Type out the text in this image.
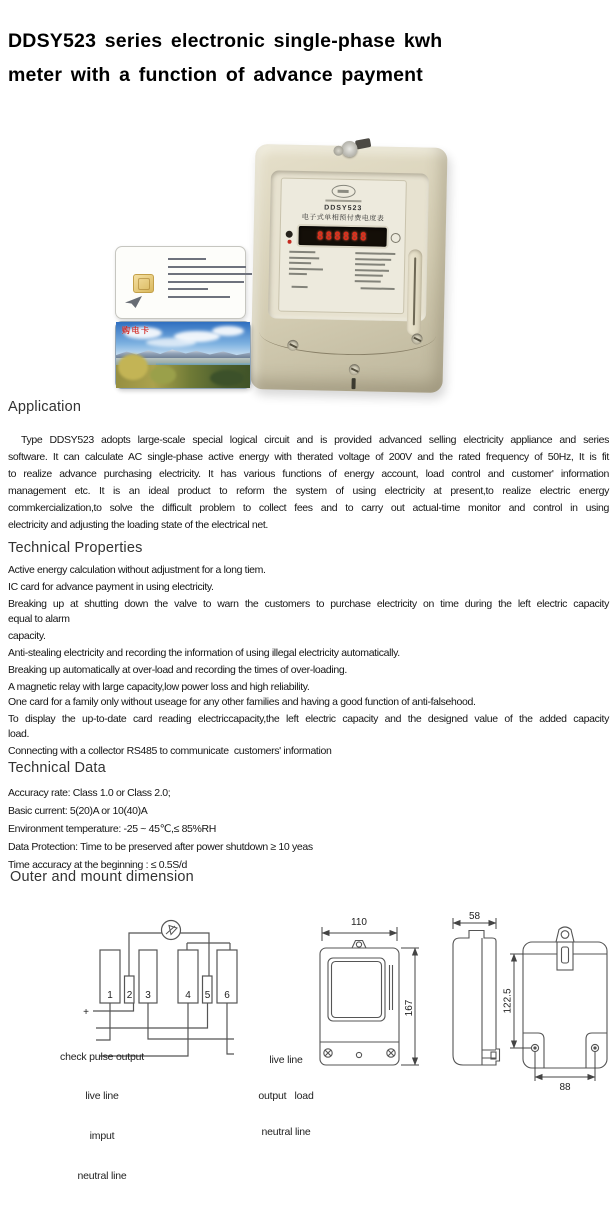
DDSY523 series electronic single-phase kwh
meter with a function of advance payment
DDSY523
电子式单相预付费电度表
888888
购电卡
Application
Type DDSY523 adopts large-scale special logical circuit and is provided advanced selling electricity appliance and series
software. It can calculate AC single-phase active energy with therated voltage of 200V and the rated frequency of 50Hz, It is fit
to realize advance purchasing electricity. It has various functions of energy account, load control and customer' information
management etc. It is an ideal product to reform the system of using electricity at present,to realize electric energy
commkercialization,to solve the difficult problem to collect fees and to carry out actual-time monitor and control in using
electricity and adjusting the loading state of the electrical net.
Technical Properties
Active energy calculation without adjustment for a long tiem.
IC card for advance payment in using electricity.
Breaking up at shutting down the valve to warn the customers to purchase electricity on time during the left electric capacity
equal to alarm
capacity.
Anti-stealing electricity and recording the information of using illegal electricity automatically.
Breaking up automatically at over-load and recording the times of over-loading.
A magnetic relay with large capacity,low power loss and high reliability.
One card for a family only without useage for any other families and having a good function of anti-falsehood.
To display the up-to-date card reading electriccapacity,the left electric capacity and the designed value of the added capacity
load.
Connecting with a collector RS485 to communicate  customers' information
Technical Data
Accuracy rate: Class 1.0 or Class 2.0;
Basic current: 5(20)A or 10(40)A
Environment temperature: -25 ~ 45℃,≤ 85%RH
Data Protection: Time to be preserved after power shutdown ≥ 10 yeas
Time accuracy at the beginning : ≤ 0.5S/d
Outer and mount dimension
1 2 3	4 5 6
+

check pulse output

live line

imput

neutral line

live line

output   load

neutral line

110
167
58
122.5
88
